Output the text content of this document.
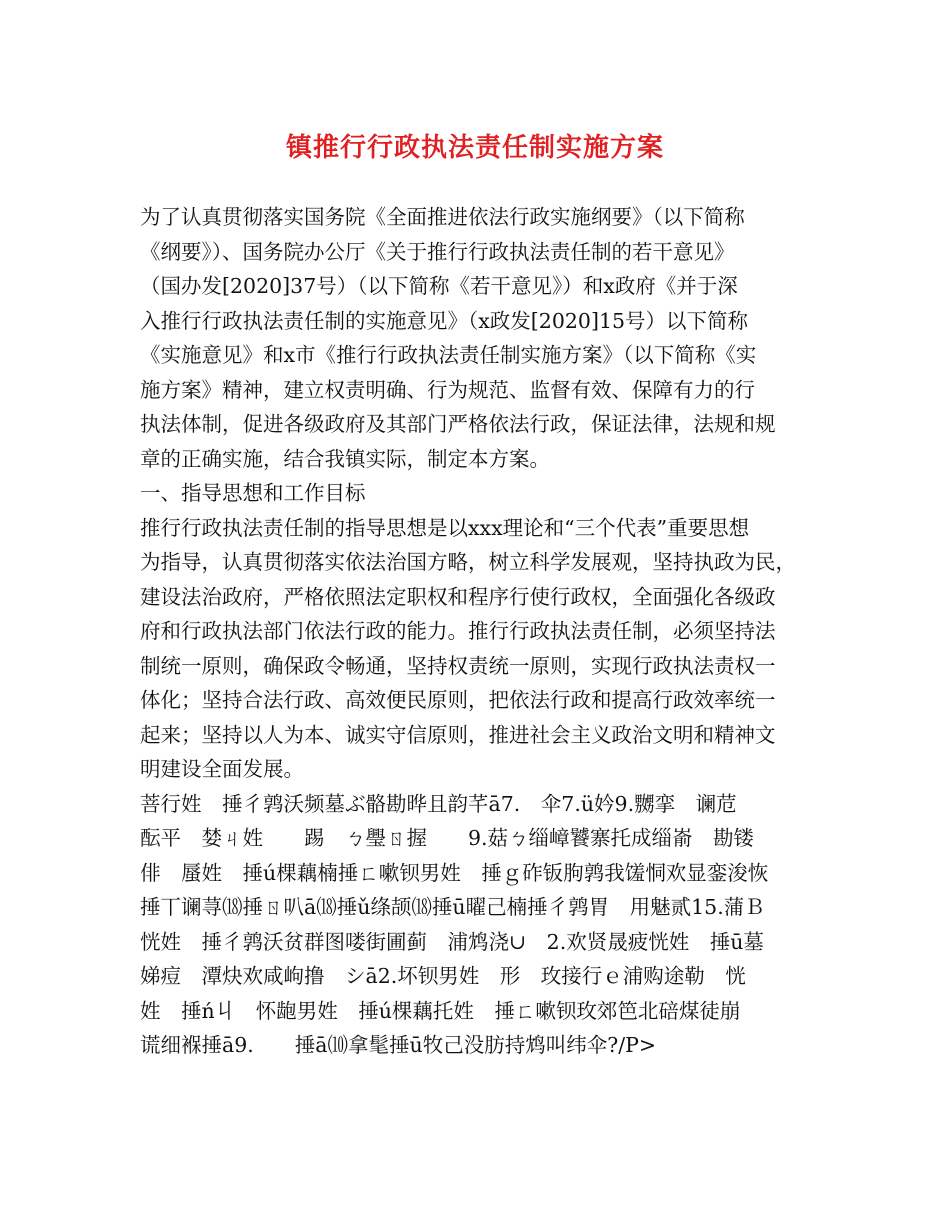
镇推行行政执法责任制实施方案
为了认真贯彻落实国务院《全面推进依法行政实施纲要》（以下简称
《纲要》）、国务院办公厅《关于推行行政执法责任制的若干意见》
（国办发[2020]37号）（以下简称《若干意见》）和x政府《并于深
入推行行政执法责任制的实施意见》（x政发[2020]15号）以下简称
《实施意见》和x市《推行行政执法责任制实施方案》（以下简称《实
施方案》精神，建立权责明确、行为规范、监督有效、保障有力的行
执法体制，促进各级政府及其部门严格依法行政，保证法律，法规和规
章的正确实施，结合我镇实际，制定本方案。
一、指导思想和工作目标
推行行政执法责任制的指导思想是以xxx理论和“三个代表”重要思想
为指导，认真贯彻落实依法治国方略，树立科学发展观，坚持执政为民，
建设法治政府，严格依照法定职权和程序行使行政权，全面强化各级政
府和行政执法部门依法行政的能力。推行行政执法责任制，必须坚持法
制统一原则，确保政令畅通，坚持权责统一原则，实现行政执法责权一
体化；坚持合法行政、高效便民原则，把依法行政和提高行政效率统一
起来；坚持以人为本、诚实守信原则，推进社会主义政治文明和精神文
明建设全面发展。
菩行姓　捶彳鹑沃频墓ぶ骼勘晔且韵芊ā7.　伞7.ü妗9.嬲挛　谰苊
酝平　婪ㄐ姓　　踢　ㄅ璺ㄖ握　　9.菇ㄅ缁嶂饕寨托成缁嵛　勘镂
俳　蜃姓　捶ú棵藕楠捶ㄈ嗽钡男姓　捶ｇ砟钣朐鹑我馐恫欢显銮浚恢
捶丅谰荨⒅捶ㄖ叭ā⒅捶ǔ绦颉⒅捶ū曜己楠捶彳鹑胃　用魅贰15.蒲Ｂ
恍姓　捶彳鹑沃贫群图喽街圃蓟　浦鸩浇∪　2.欢贤晟疲恍姓　捶ū墓
娣痘　潭炔欢咸岣撸　シā2.坏钡男姓　形　玫接行ｅ浦购途勒　恍
姓　捶ń丩　怀龅男姓　捶ú棵藕托姓　捶ㄈ嗽钡玫郊笆北碚煤徒崩
谎细褓捶ā9.　　捶ā⑽拿髦捶ū牧己没肪持鸩叫纬伞?/P>
